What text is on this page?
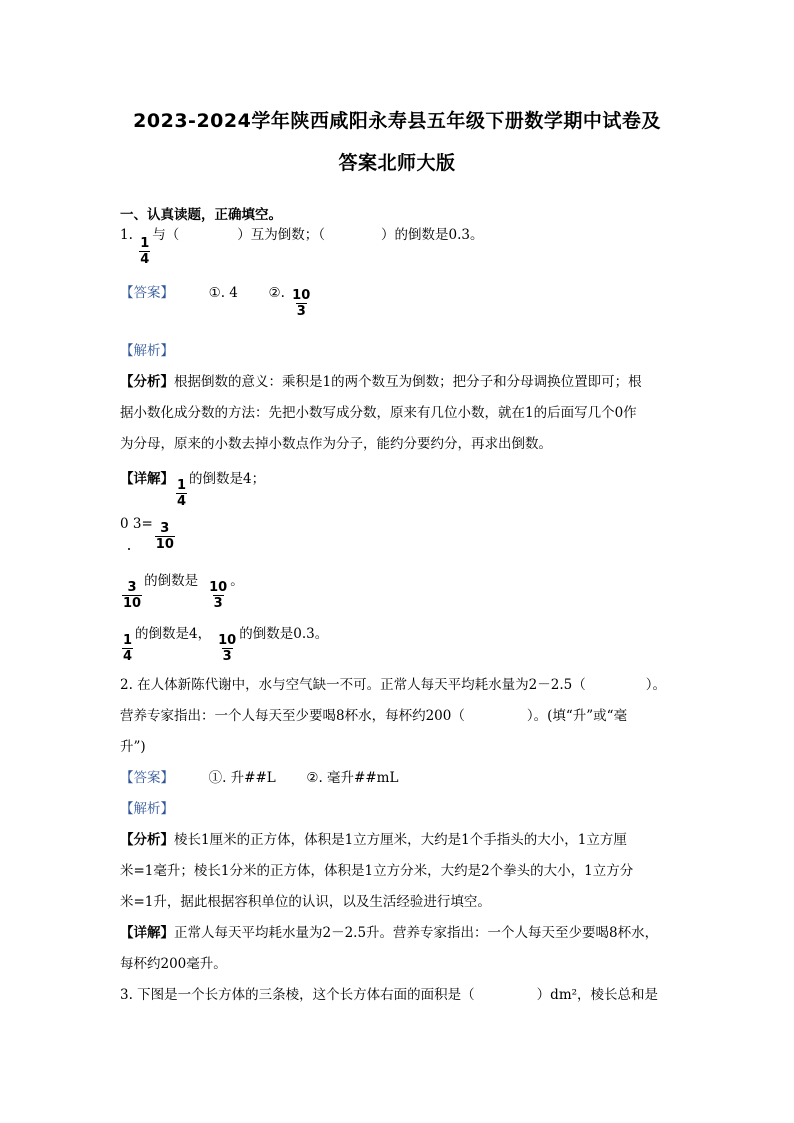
2023-2024学年陕西咸阳永寿县五年级下册数学期中试卷及
答案北师大版
一、认真读题，正确填空。
1.
$\frac{1}{4}$
与（	）互为倒数；（	）的倒数是0.3。
【答案】	①. 4 ②. $\frac{10}{3}$
【解析】
【分析】根据倒数的意义：乘积是1的两个数互为倒数；把分子和分母调换位置即可；根
据小数化成分数的方法：先把小数写成分数，原来有几位小数，就在1的后面写几个0作
为分母，原来的小数去掉小数点作为分子，能约分要约分，再求出倒数。
【详解】 $\frac{1}{4}$ 的倒数是4；
0 $3= \frac{3}{10}$
$\frac{3}{10}$ 的倒数是 $\frac{10}{3}$ 。
$\frac{1}{4}$ 的倒数是4， $\frac{10}{3}$ 的倒数是0.3。
2. 在人体新陈代谢中，水与空气缺一不可。正常人每天平均耗水量为2－2.5（	）。
营养专家指出：一个人每天至少要喝8杯水，每杯约200（	）。(填“升”或“毫
升”)
【答案】	①. 升##L ②. 毫升##mL
【解析】
【分析】棱长1厘米的正方体，体积是1立方厘米，大约是1个手指头的大小，1立方厘
米=1毫升；棱长1分米的正方体，体积是1立方分米，大约是2个拳头的大小，1立方分
米=1升，据此根据容积单位的认识，以及生活经验进行填空。
【详解】正常人每天平均耗水量为2－2.5升。营养专家指出：一个人每天至少要喝8杯水，
每杯约200毫升。
3. 下图是一个长方体的三条棱，这个长方体右面的面积是（	）dm²，棱长总和是
